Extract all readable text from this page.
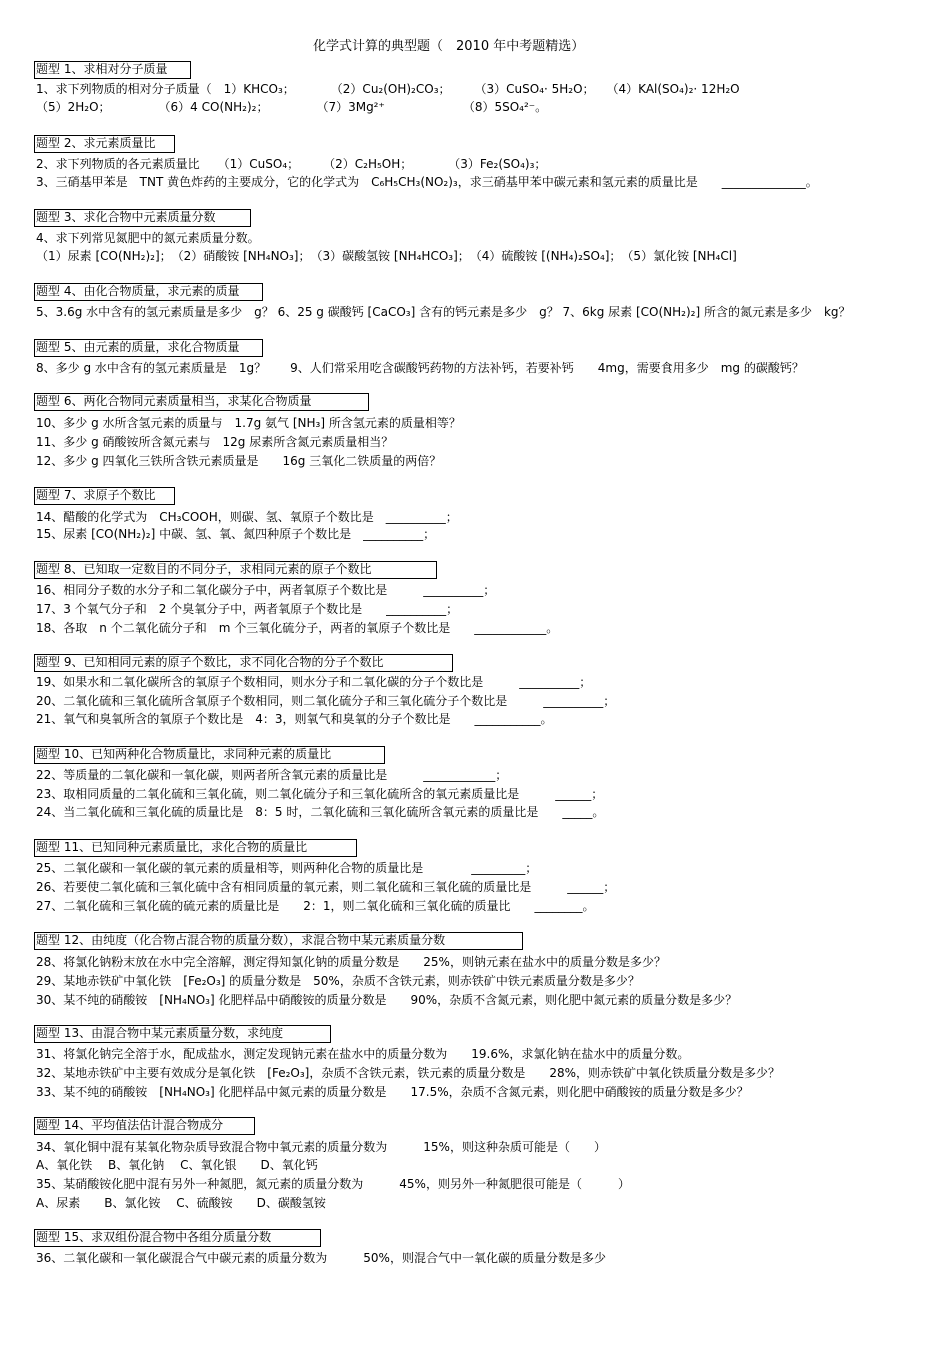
化学式计算的典型题（　2010 年中考题精选）
题型 1、求相对分子质量
1、求下列物质的相对分子质量（　1）KHCO₃；　　　　（2）Cu₂(OH)₂CO₃；　　　（3）CuSO₄· 5H₂O；　　（4）KAl(SO₄)₂· 12H₂O
（5）2H₂O；　　　　　（6）4 CO(NH₂)₂；　　　　　（7）3Mg²⁺　　　　　　　（8）5SO₄²⁻。
题型 2、求元素质量比
2、求下列物质的各元素质量比　　（1）CuSO₄；　　　（2）C₂H₅OH；　　　　（3）Fe₂(SO₄)₃；
3、三硝基甲苯是　TNT 黄色炸药的主要成分，它的化学式为　C₆H₅CH₃(NO₂)₃，求三硝基甲苯中碳元素和氢元素的质量比是　　______________。
题型 3、求化合物中元素质量分数
4、求下列常见氮肥中的氮元素质量分数。
（1）尿素 [CO(NH₂)₂]；　（2）硝酸铵 [NH₄NO₃]；　（3）碳酸氢铵 [NH₄HCO₃]；　（4）硫酸铵 [(NH₄)₂SO₄]；　（5）氯化铵 [NH₄Cl]
题型 4、由化合物质量，求元素的质量
5、3.6g 水中含有的氢元素质量是多少　g？ 6、25 g 碳酸钙 [CaCO₃] 含有的钙元素是多少　g？ 7、6kg 尿素 [CO(NH₂)₂] 所含的氮元素是多少　kg？
题型 5、由元素的质量，求化合物质量
8、多少 g 水中含有的氢元素质量是　1g？　　9、人们常采用吃含碳酸钙药物的方法补钙，若要补钙　　4mg，需要食用多少　mg 的碳酸钙？
题型 6、两化合物同元素质量相当，求某化合物质量
10、多少 g 水所含氢元素的质量与　1.7g 氨气 [NH₃] 所含氢元素的质量相等？
11、多少 g 硝酸铵所含氮元素与　12g 尿素所含氮元素质量相当？
12、多少 g 四氧化三铁所含铁元素质量是　　16g 三氧化二铁质量的两倍？
题型 7、求原子个数比
14、醋酸的化学式为　CH₃COOH，则碳、氢、氧原子个数比是　__________；
15、尿素 [CO(NH₂)₂] 中碳、氢、氧、氮四种原子个数比是　__________；
题型 8、已知取一定数目的不同分子，求相同元素的原子个数比
16、相同分子数的水分子和二氧化碳分子中，两者氧原子个数比是　　　__________；
17、3 个氧气分子和　2 个臭氧分子中，两者氧原子个数比是　　__________；
18、各取　n 个二氧化硫分子和　m 个三氧化硫分子，两者的氧原子个数比是　　____________。
题型 9、已知相同元素的原子个数比，求不同化合物的分子个数比
19、如果水和二氧化碳所含的氧原子个数相同，则水分子和二氧化碳的分子个数比是　　　__________；
20、二氧化硫和三氧化硫所含氧原子个数相同，则二氧化硫分子和三氧化硫分子个数比是　　　__________；
21、氧气和臭氧所含的氧原子个数比是　4：3，则氧气和臭氧的分子个数比是　　___________。
题型 10、已知两种化合物质量比，求同种元素的质量比
22、等质量的二氧化碳和一氧化碳，则两者所含氧元素的质量比是　　　____________；
23、取相同质量的二氧化硫和三氧化硫，则二氧化硫分子和三氧化硫所含的氧元素质量比是　　　______；
24、当二氧化硫和三氧化硫的质量比是　8：5 时，二氧化硫和三氧化硫所含氧元素的质量比是　　_____。
题型 11、已知同种元素质量比，求化合物的质量比
25、二氧化碳和一氧化碳的氧元素的质量相等，则两种化合物的质量比是　　　　_________；
26、若要使二氧化硫和三氧化硫中含有相同质量的氧元素，则二氧化硫和三氧化硫的质量比是　　　______；
27、二氧化硫和三氧化硫的硫元素的质量比是　　2：1，则二氧化硫和三氧化硫的质量比　　________。
题型 12、由纯度（化合物占混合物的质量分数），求混合物中某元素质量分数
28、将氯化钠粉末放在水中完全溶解，测定得知氯化钠的质量分数是　　25%，则钠元素在盐水中的质量分数是多少？
29、某地赤铁矿中氧化铁　[Fe₂O₃] 的质量分数是　50%，杂质不含铁元素，则赤铁矿中铁元素质量分数是多少？
30、某不纯的硝酸铵　[NH₄NO₃] 化肥样品中硝酸铵的质量分数是　　90%，杂质不含氮元素，则化肥中氮元素的质量分数是多少？
题型 13、由混合物中某元素质量分数，求纯度
31、将氯化钠完全溶于水，配成盐水，测定发现钠元素在盐水中的质量分数为　　19.6%，求氯化钠在盐水中的质量分数。
32、某地赤铁矿中主要有效成分是氧化铁　[Fe₂O₃]，杂质不含铁元素，铁元素的质量分数是　　28%，则赤铁矿中氧化铁质量分数是多少？
33、某不纯的硝酸铵　[NH₄NO₃] 化肥样品中氮元素的质量分数是　　17.5%，杂质不含氮元素，则化肥中硝酸铵的质量分数是多少？
题型 14、平均值法估计混合物成分
34、氧化铜中混有某氧化物杂质导致混合物中氧元素的质量分数为　　　15%，则这种杂质可能是（　　）
A、氧化铁　 B、氧化钠　 C、氧化银　　D、氧化钙
35、某硝酸铵化肥中混有另外一种氮肥，氮元素的质量分数为　　　45%，则另外一种氮肥很可能是（　　　）
A、尿素　　B、氯化铵　 C、硫酸铵　　D、碳酸氢铵
题型 15、求双组份混合物中各组分质量分数
36、二氧化碳和一氧化碳混合气中碳元素的质量分数为　　　50%，则混合气中一氧化碳的质量分数是多少
